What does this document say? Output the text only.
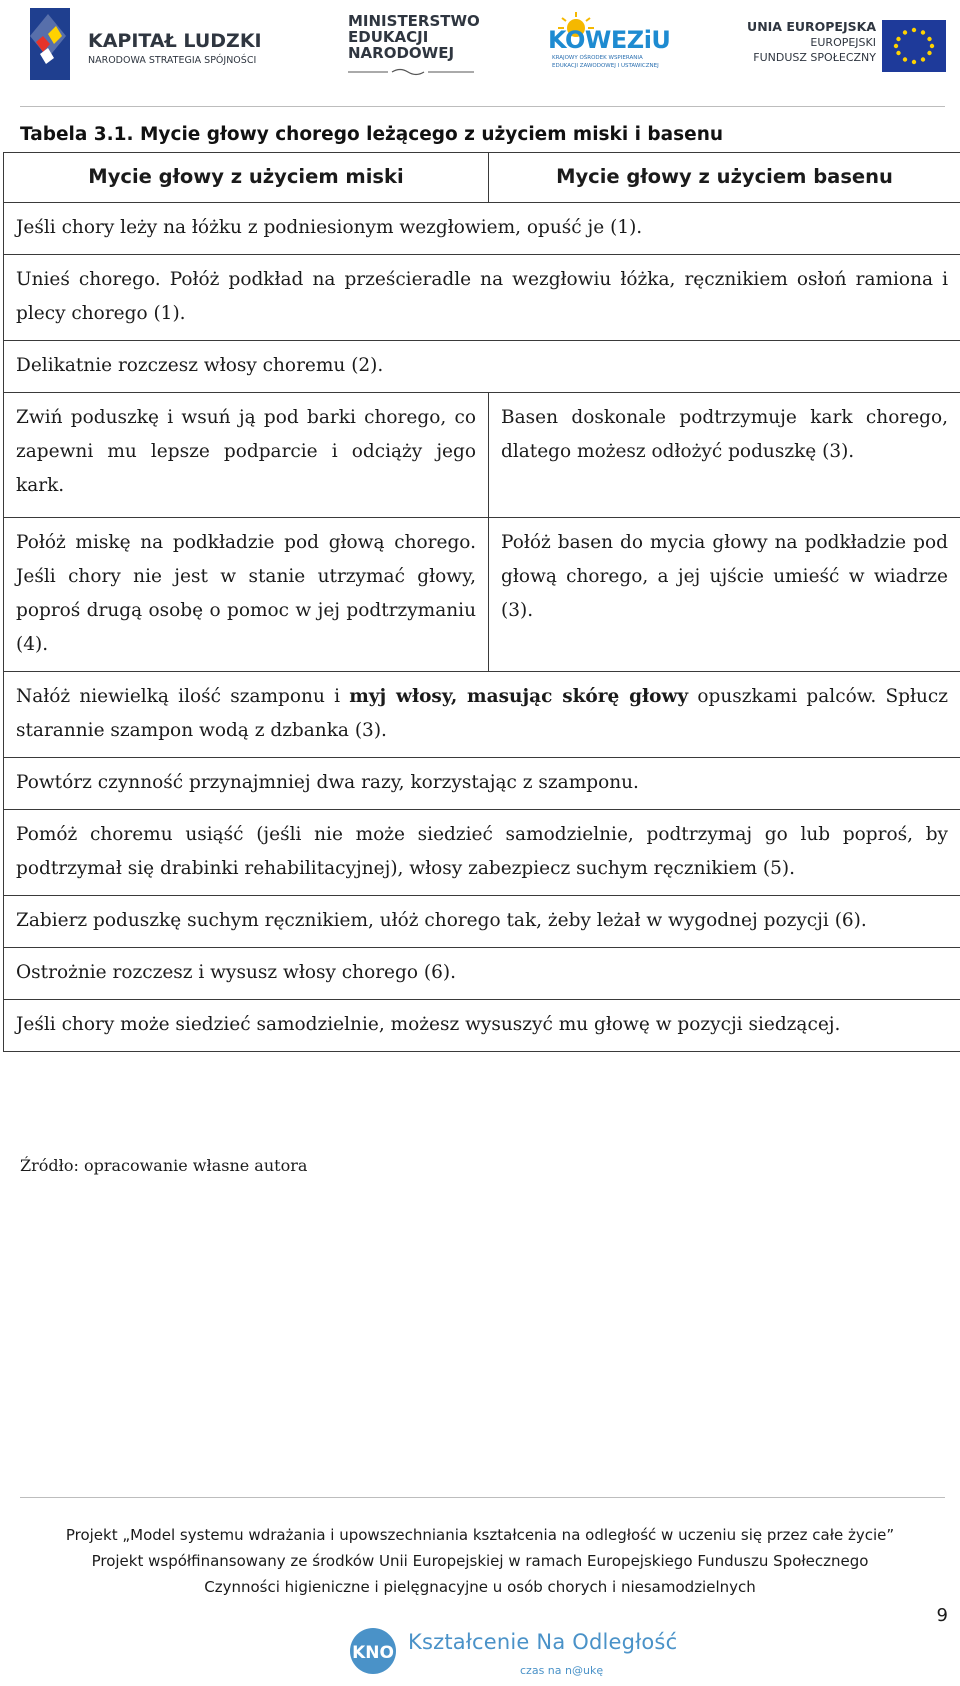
KAPITAŁ LUDZKI
NARODOWA STRATEGIA SPÓJNOŚCI
MINISTERSTWO
EDUKACJI
NARODOWEJ	KOWEZiU
KRAJOWY OŚRODEK WSPIERANIA
EDUKACJI ZAWODOWEJ I USTAWICZNEJ
UNIA EUROPEJSKA
EUROPEJSKI
FUNDUSZ SPOŁECZNY
Tabela 3.1. Mycie głowy chorego leżącego z użyciem miski i basenu
Mycie głowy z użyciem miski	Mycie głowy z użyciem basenu
Jeśli chory leży na łóżku z podniesionym wezgłowiem, opuść je (1).	
Unieś chorego. Połóż podkład na prześcieradle na wezgłowiu łóżka, ręcznikiem osłoń ramiona i plecy chorego (1).	
Delikatnie rozczesz włosy choremu (2).	
Zwiń poduszkę i wsuń ją pod barki chorego, co zapewni mu lepsze podparcie i odciąży jego kark.	Basen doskonale podtrzymuje kark chorego, dlatego możesz odłożyć poduszkę (3).
Połóż miskę na podkładzie pod głową chorego. Jeśli chory nie jest w stanie utrzymać głowy, poproś drugą osobę o pomoc w jej podtrzymaniu (4).	Połóż basen do mycia głowy na podkładzie pod głową chorego, a jej ujście umieść w wiadrze (3).
Nałóż niewielką ilość szamponu i myj włosy, masując skórę głowy opuszkami palców. Spłucz starannie szampon wodą z dzbanka (3).	
Powtórz czynność przynajmniej dwa razy, korzystając z szamponu.	
Pomóż choremu usiąść (jeśli nie może siedzieć samodzielnie, podtrzymaj go lub poproś, by podtrzymał się drabinki rehabilitacyjnej), włosy zabezpiecz suchym ręcznikiem (5).	
Zabierz poduszkę suchym ręcznikiem, ułóż chorego tak, żeby leżał w wygodnej pozycji (6).	
Ostrożnie rozczesz i wysusz włosy chorego (6).	
Jeśli chory może siedzieć samodzielnie, możesz wysuszyć mu głowę w pozycji siedzącej.	
Źródło: opracowanie własne autora
Projekt „Model systemu wdrażania i upowszechniania kształcenia na odległość w uczeniu się przez całe życie”
Projekt współfinansowany ze środków Unii Europejskiej w ramach Europejskiego Funduszu Społecznego
Czynności higieniczne i pielęgnacyjne u osób chorych i niesamodzielnych
9
KNO Kształcenie Na Odległość
czas na n@ukę
